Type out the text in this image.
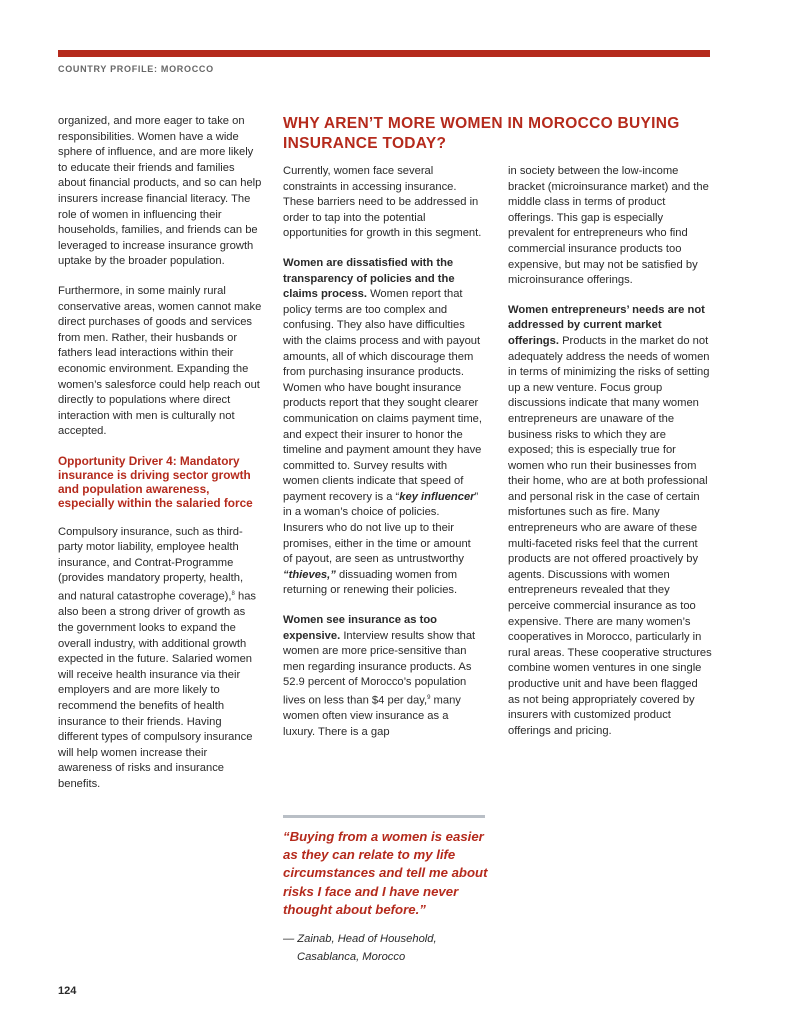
COUNTRY PROFILE: MOROCCO

organized, and more eager to take on responsibilities. Women have a wide sphere of influence, and are more likely to educate their friends and families about financial products, and so can help insurers increase financial literacy. The role of women in influencing their households, families, and friends can be leveraged to increase insurance growth uptake by the broader population.

Furthermore, in some mainly rural conservative areas, women cannot make direct purchases of goods and services from men. Rather, their husbands or fathers lead interactions within their economic environment. Expanding the women’s salesforce could help reach out directly to populations where direct interaction with men is culturally not accepted.

Opportunity Driver 4: Mandatory insurance is driving sector growth and population awareness, especially within the salaried force

Compulsory insurance, such as third-party motor liability, employee health insurance, and Contrat-Programme (provides mandatory property, health, and natural catastrophe coverage),$^8$ has also been a strong driver of growth as the government looks to expand the overall industry, with additional growth expected in the future. Salaried women will receive health insurance via their employers and are more likely to recommend the benefits of health insurance to their friends. Having different types of compulsory insurance will help women increase their awareness of risks and insurance benefits.

WHY AREN’T MORE WOMEN IN MOROCCO BUYING INSURANCE TODAY?

Currently, women face several constraints in accessing insurance. These barriers need to be addressed in order to tap into the potential opportunities for growth in this segment.

Women are dissatisfied with the transparency of policies and the claims process. Women report that policy terms are too complex and confusing. They also have difficulties with the claims process and with payout amounts, all of which discourage them from purchasing insurance products. Women who have bought insurance products report that they sought clearer communication on claims payment time, and expect their insurer to honor the timeline and payment amount they have committed to. Survey results with women clients indicate that speed of payment recovery is a “key influencer” in a woman’s choice of policies. Insurers who do not live up to their promises, either in the time or amount of payout, are seen as untrustworthy “thieves,” dissuading women from returning or renewing their policies.

Women see insurance as too expensive. Interview results show that women are more price-sensitive than men regarding insurance products. As 52.9 percent of Morocco’s population lives on less than $4 per day,$^9$ many women often view insurance as a luxury. There is a gap

in society between the low-income bracket (microinsurance market) and the middle class in terms of product offerings. This gap is especially prevalent for entrepreneurs who find commercial insurance products too expensive, but may not be satisfied by microinsurance offerings.

Women entrepreneurs’ needs are not addressed by current market offerings. Products in the market do not adequately address the needs of women in terms of minimizing the risks of setting up a new venture. Focus group discussions indicate that many women entrepreneurs are unaware of the business risks to which they are exposed; this is especially true for women who run their businesses from their home, who are at both professional and personal risk in the case of certain misfortunes such as fire. Many entrepreneurs who are aware of these multi-faceted risks feel that the current products are not offered proactively by agents. Discussions with women entrepreneurs revealed that they perceive commercial insurance as too expensive. There are many women’s cooperatives in Morocco, particularly in rural areas. These cooperative structures combine women ventures in one single productive unit and have been flagged as not being appropriately covered by insurers with customized product offerings and pricing.

“Buying from a women is easier as they can relate to my life circumstances and tell me about risks I face and I have never thought about before.”
— Zainab, Head of Household,
Casablanca, Morocco
124
